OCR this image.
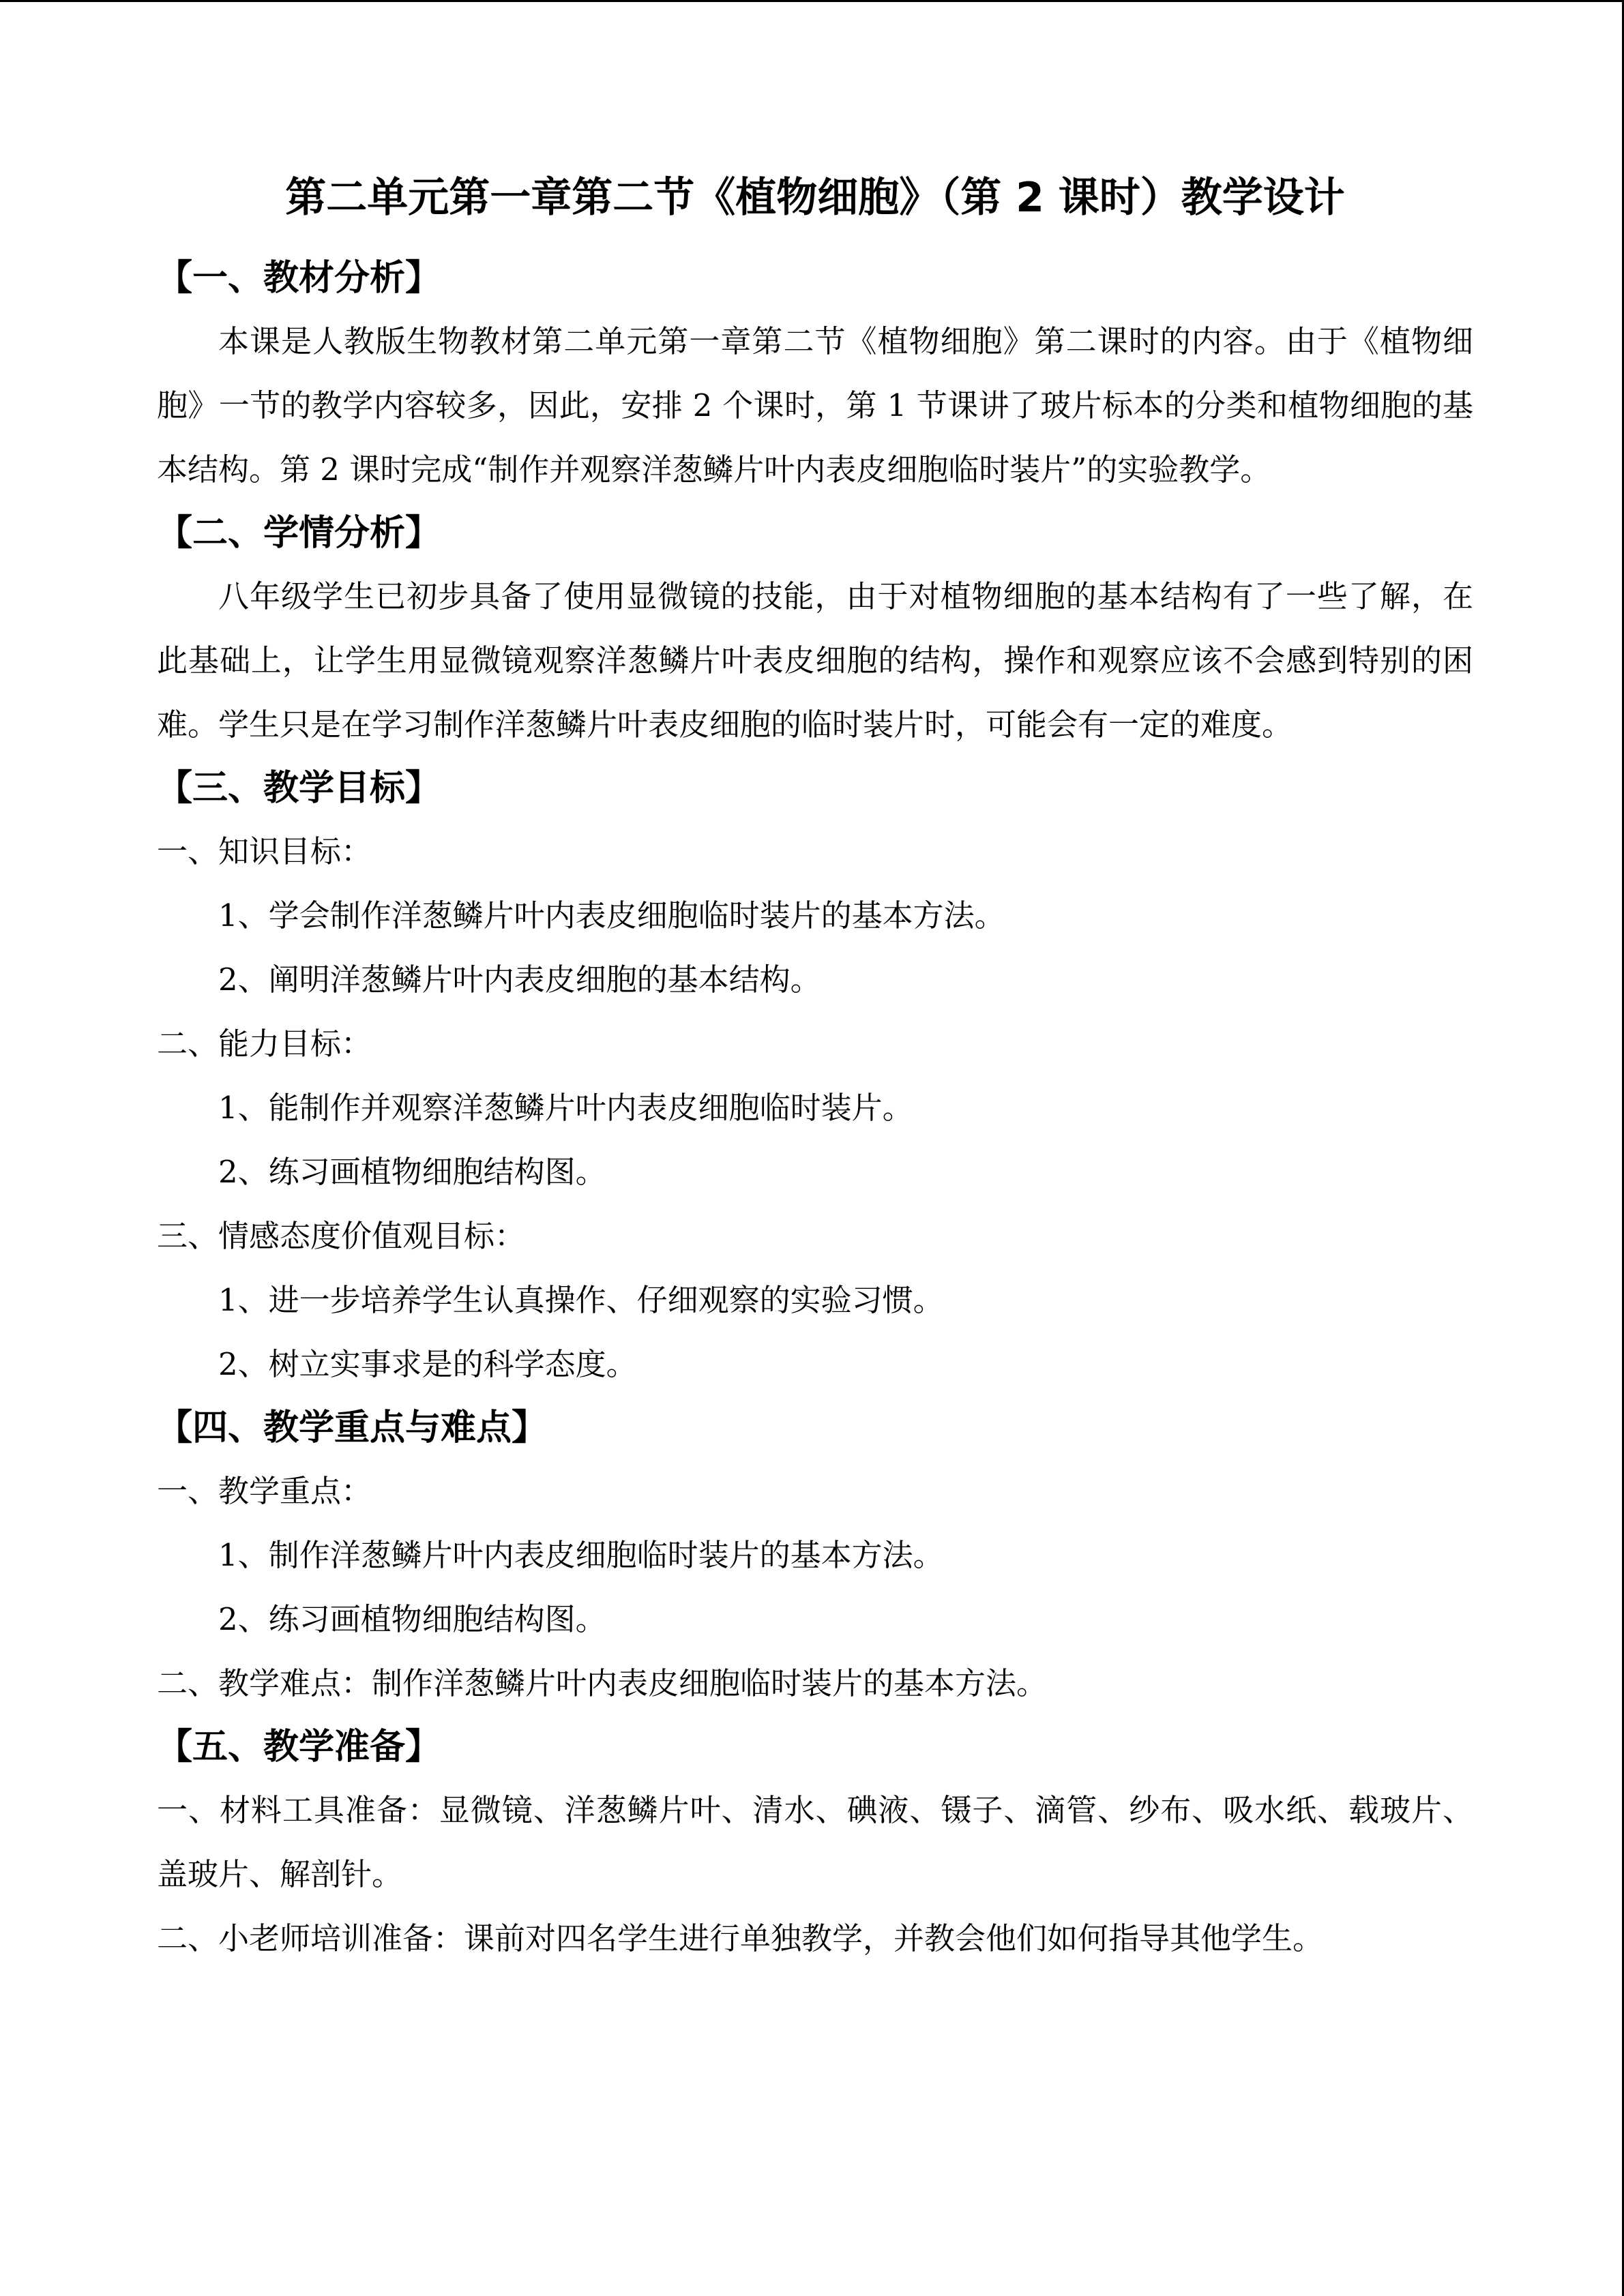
第二单元第一章第二节《植物细胞》（第 2 课时）教学设计
【一、教材分析】

本课是人教版生物教材第二单元第一章第二节《植物细胞》第二课时的内容。由于《植物细胞》一节的教学内容较多，因此，安排 2 个课时，第 1 节课讲了玻片标本的分类和植物细胞的基本结构。第 2 课时完成“制作并观察洋葱鳞片叶内表皮细胞临时装片”的实验教学。

【二、学情分析】

八年级学生已初步具备了使用显微镜的技能，由于对植物细胞的基本结构有了一些了解，在此基础上，让学生用显微镜观察洋葱鳞片叶表皮细胞的结构，操作和观察应该不会感到特别的困难。学生只是在学习制作洋葱鳞片叶表皮细胞的临时装片时，可能会有一定的难度。

【三、教学目标】

一、知识目标：

1、学会制作洋葱鳞片叶内表皮细胞临时装片的基本方法。

2、阐明洋葱鳞片叶内表皮细胞的基本结构。

二、能力目标：

1、能制作并观察洋葱鳞片叶内表皮细胞临时装片。

2、练习画植物细胞结构图。

三、情感态度价值观目标：

1、进一步培养学生认真操作、仔细观察的实验习惯。

2、树立实事求是的科学态度。

【四、教学重点与难点】

一、教学重点：

1、制作洋葱鳞片叶内表皮细胞临时装片的基本方法。

2、练习画植物细胞结构图。

二、教学难点：制作洋葱鳞片叶内表皮细胞临时装片的基本方法。

【五、教学准备】

一、材料工具准备：显微镜、洋葱鳞片叶、清水、碘液、镊子、滴管、纱布、吸水纸、载玻片、盖玻片、解剖针。

二、小老师培训准备：课前对四名学生进行单独教学，并教会他们如何指导其他学生。
